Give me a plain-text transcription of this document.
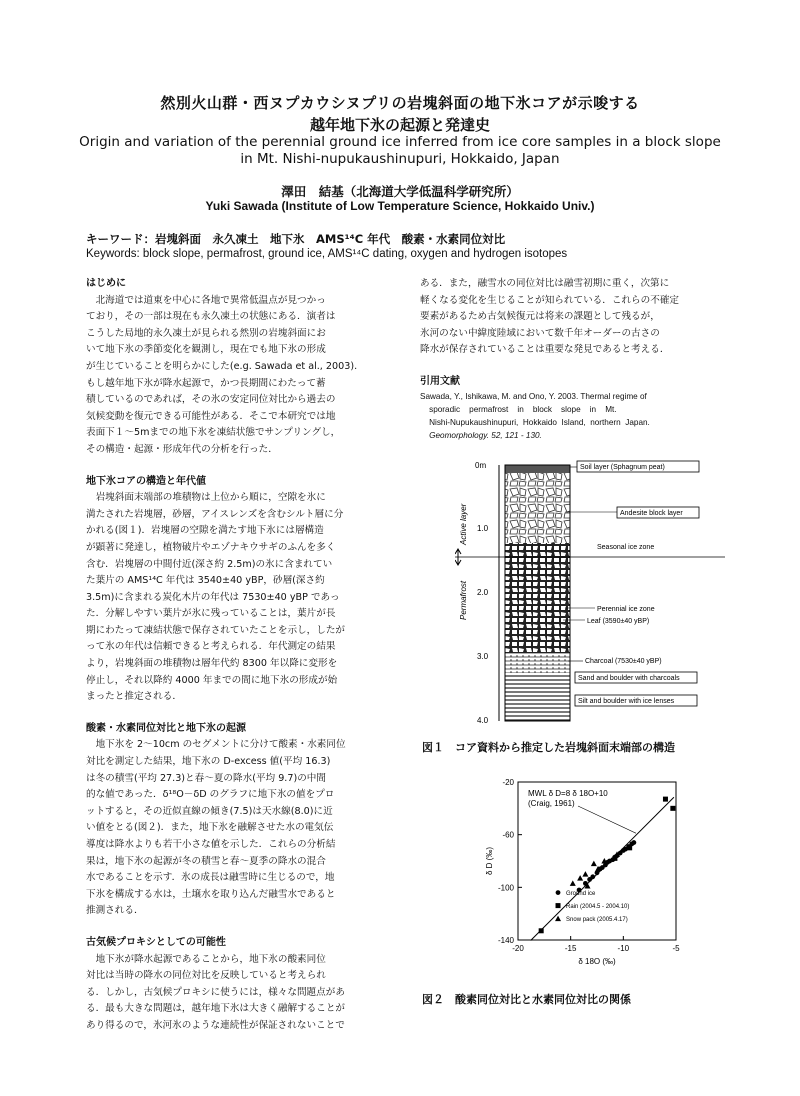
然別火山群・西ヌプカウシヌプリの岩塊斜面の地下氷コアが示唆する
越年地下氷の起源と発達史
Origin and variation of the perennial ground ice inferred from ice core samples in a block slope
in Mt. Nishi-nupukaushinupuri, Hokkaido, Japan
澤田　結基（北海道大学低温科学研究所）
Yuki Sawada (Institute of Low Temperature Science, Hokkaido Univ.)
キーワード：岩塊斜面　永久凍土　地下氷　AMS¹⁴C 年代　酸素・水素同位対比
Keywords: block slope, permafrost, ground ice, AMS¹⁴C dating, oxygen and hydrogen isotopes

はじめに

　北海道では道東を中心に各地で異常低温点が見つかっ

ており，その一部は現在も永久凍土の状態にある．演者は

こうした局地的永久凍土が見られる然別の岩塊斜面にお

いて地下氷の季節変化を観測し，現在でも地下氷の形成

が生じていることを明らかにした(e.g. Sawada et al., 2003).

もし越年地下氷が降水起源で，かつ長期間にわたって蓄

積しているのであれば，その氷の安定同位対比から過去の

気候変動を復元できる可能性がある．そこで本研究では地

表面下１～5mまでの地下氷を凍結状態でサンプリングし，

その構造・起源・形成年代の分析を行った．

地下氷コアの構造と年代値

　岩塊斜面末端部の堆積物は上位から順に，空隙を氷に

満たされた岩塊層，砂層，アイスレンズを含むシルト層に分

かれる(図１)．岩塊層の空隙を満たす地下氷には層構造

が顕著に発達し，植物破片やエゾナキウサギのふんを多く

含む．岩塊層の中間付近(深さ約 2.5m)の氷に含まれてい

た葉片の AMS¹⁴C 年代は 3540±40 yBP，砂層(深さ約

3.5m)に含まれる炭化木片の年代は 7530±40 yBP であっ

た．分解しやすい葉片が氷に残っていることは，葉片が長

期にわたって凍結状態で保存されていたことを示し，したが

って氷の年代は信頼できると考えられる．年代測定の結果

より，岩塊斜面の堆積物は層年代約 8300 年以降に変形を

停止し，それ以降約 4000 年までの間に地下氷の形成が始

まったと推定される．

酸素・水素同位対比と地下氷の起源

　地下氷を 2～10cm のセグメントに分けて酸素・水素同位

対比を測定した結果，地下氷の D-excess 値(平均 16.3)

は冬の積雪(平均 27.3)と春～夏の降水(平均 9.7)の中間

的な値であった．δ¹⁸O－δD のグラフに地下氷の値をプロ

ットすると，その近似直線の傾き(7.5)は天水線(8.0)に近

い値をとる(図２)．また，地下氷を融解させた水の電気伝

導度は降水よりも若干小さな値を示した．これらの分析結

果は，地下氷の起源が冬の積雪と春～夏季の降水の混合

水であることを示す．氷の成長は融雪時に生じるので，地

下氷を構成する水は，土壌水を取り込んだ融雪水であると

推測される．

古気候プロキシとしての可能性

　地下氷が降水起源であることから，地下氷の酸素同位

対比は当時の降水の同位対比を反映していると考えられ

る．しかし，古気候プロキシに使うには，様々な問題点があ

る．最も大きな問題は，越年地下氷は大きく融解することが

あり得るので，氷河氷のような連続性が保証されないことで

ある．また，融雪水の同位対比は融雪初期に重く，次第に

軽くなる変化を生じることが知られている．これらの不確定

要素があるため古気候復元は将来の課題として残るが，

氷河のない中緯度陸域において数千年オーダーの古さの

降水が保存されていることは重要な発見であると考える．

引用文献
Sawada, Y., Ishikawa, M. and Ono, Y. 2003. Thermal regime of
sporadic    permafrost    in    block    slope    in    Mt.
Nishi-Nupukaushinupuri,  Hokkaido  Island,  northern  Japan.
Geomorphology. 52, 121 - 130.
0m
1.0
2.0
3.0
4.0
Active layer
Permafrost
Soil layer (Sphagnum peat)
Andesite block layer
Seasonal ice zone
Perennial ice zone
Leaf (3590±40 yBP)
Charcoal (7530±40 yBP)
Sand and boulder with charcoals
Silt and boulder with ice lenses
図１　コア資料から推定した岩塊斜面末端部の構造
-20	-15	-10	-5
-20
-60
-100
-140
δ 18O (‰)
δ D (‰)
MWL δ D=8 δ 18O+10
(Craig, 1961)
Ground ice
Rain (2004.5 - 2004.10)
Snow pack (2005.4.17)
図２　酸素同位対比と水素同位対比の関係
